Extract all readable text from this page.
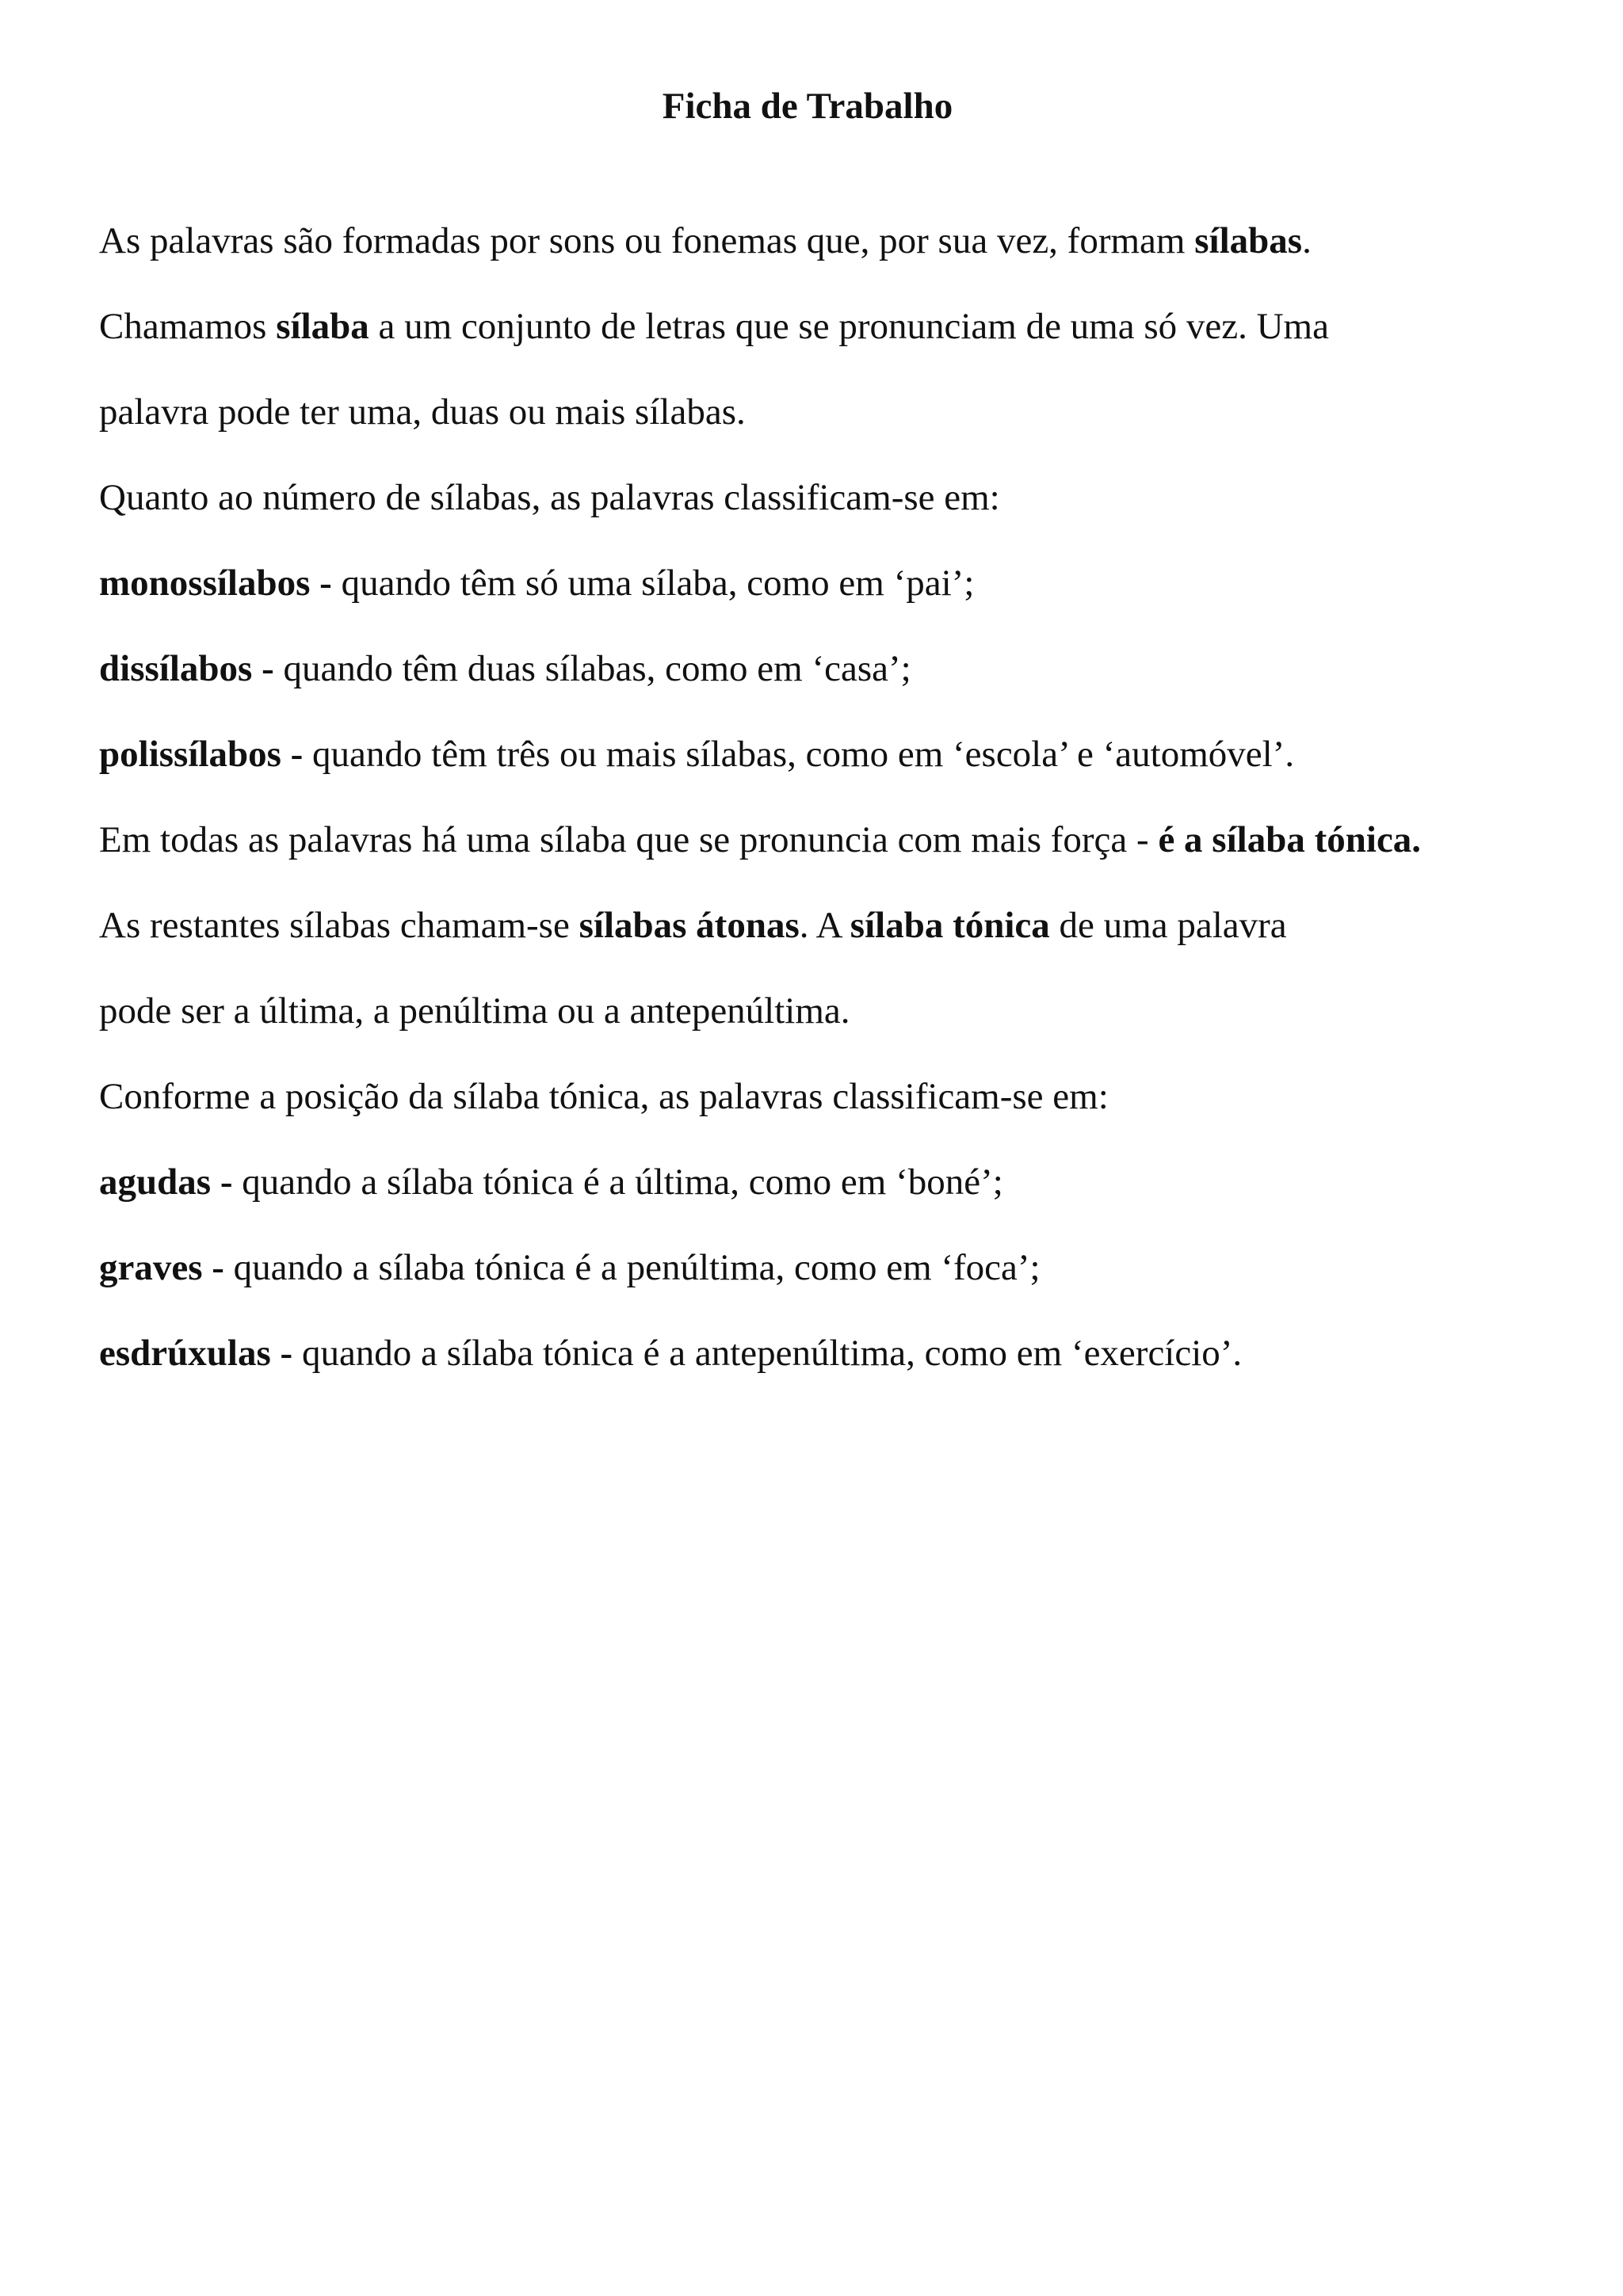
Ficha de Trabalho

As palavras são formadas por sons ou fonemas que, por sua vez, formam sílabas.

Chamamos sílaba a um conjunto de letras que se pronunciam de uma só vez. Uma

palavra pode ter uma, duas ou mais sílabas.

Quanto ao número de sílabas, as palavras classificam-se em:

monossílabos - quando têm só uma sílaba, como em ‘pai’;

dissílabos - quando têm duas sílabas, como em ‘casa’;

polissílabos - quando têm três ou mais sílabas, como em ‘escola’ e ‘automóvel’.

Em todas as palavras há uma sílaba que se pronuncia com mais força - é a sílaba tónica.

As restantes sílabas chamam-se sílabas átonas. A sílaba tónica de uma palavra

pode ser a última, a penúltima ou a antepenúltima.

Conforme a posição da sílaba tónica, as palavras classificam-se em:

agudas - quando a sílaba tónica é a última, como em ‘boné’;

graves - quando a sílaba tónica é a penúltima, como em ‘foca’;

esdrúxulas - quando a sílaba tónica é a antepenúltima, como em ‘exercício’.
